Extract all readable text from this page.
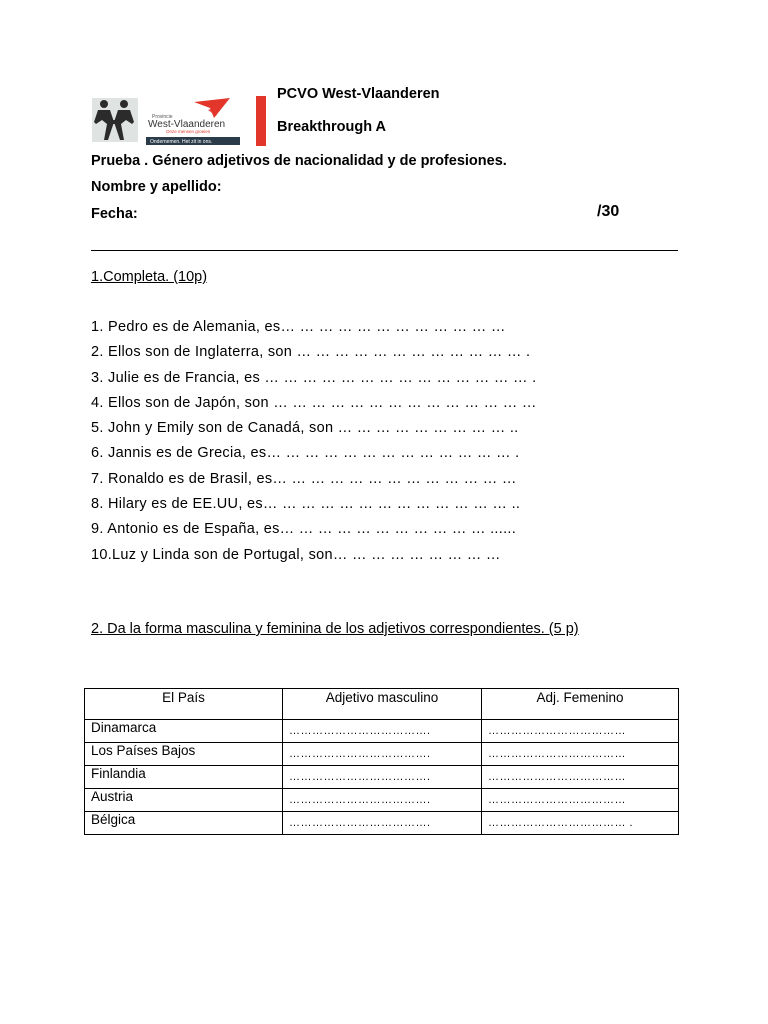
Provincie
West-Vlaanderen
Onze mensen groeien
Ondernemen. Het zit in ons.
PCVO West-Vlaanderen
Breakthrough A
Prueba . Género adjetivos de nacionalidad y de profesiones.
Nombre y apellido:
Fecha:	/30
1.Completa. (10p)
1. Pedro es de Alemania, es… … … … … … … … … … … …
2. Ellos son de Inglaterra, son … … … … … … … … … … … … .
3. Julie es de Francia, es … … … … … … … … … … … … … … .
4. Ellos son de Japón, son … … … … … … … … … … … … … …
5. John y Emily son de Canadá, son … … … … … … … … … ..
6. Jannis es de Grecia, es… … … … … … … … … … … … … .
7. Ronaldo es de Brasil, es… … … … … … … … … … … … …
8. Hilary es de EE.UU, es… … … … … … … … … … … … … ..
9. Antonio es de España, es… … … … … … … … … … … ......
10.Luz y Linda son de Portugal, son… … … … … … … … …
2. Da la forma masculina y feminina de los adjetivos correspondientes. (5 p)
El País	Adjetivo masculino	Adj. Femenino
Dinamarca	……………………………….	………………………………
Los Países Bajos	……………………………….	………………………………
Finlandia	……………………………….	………………………………
Austria	……………………………….	………………………………
Bélgica	……………………………….	……………………………… .
